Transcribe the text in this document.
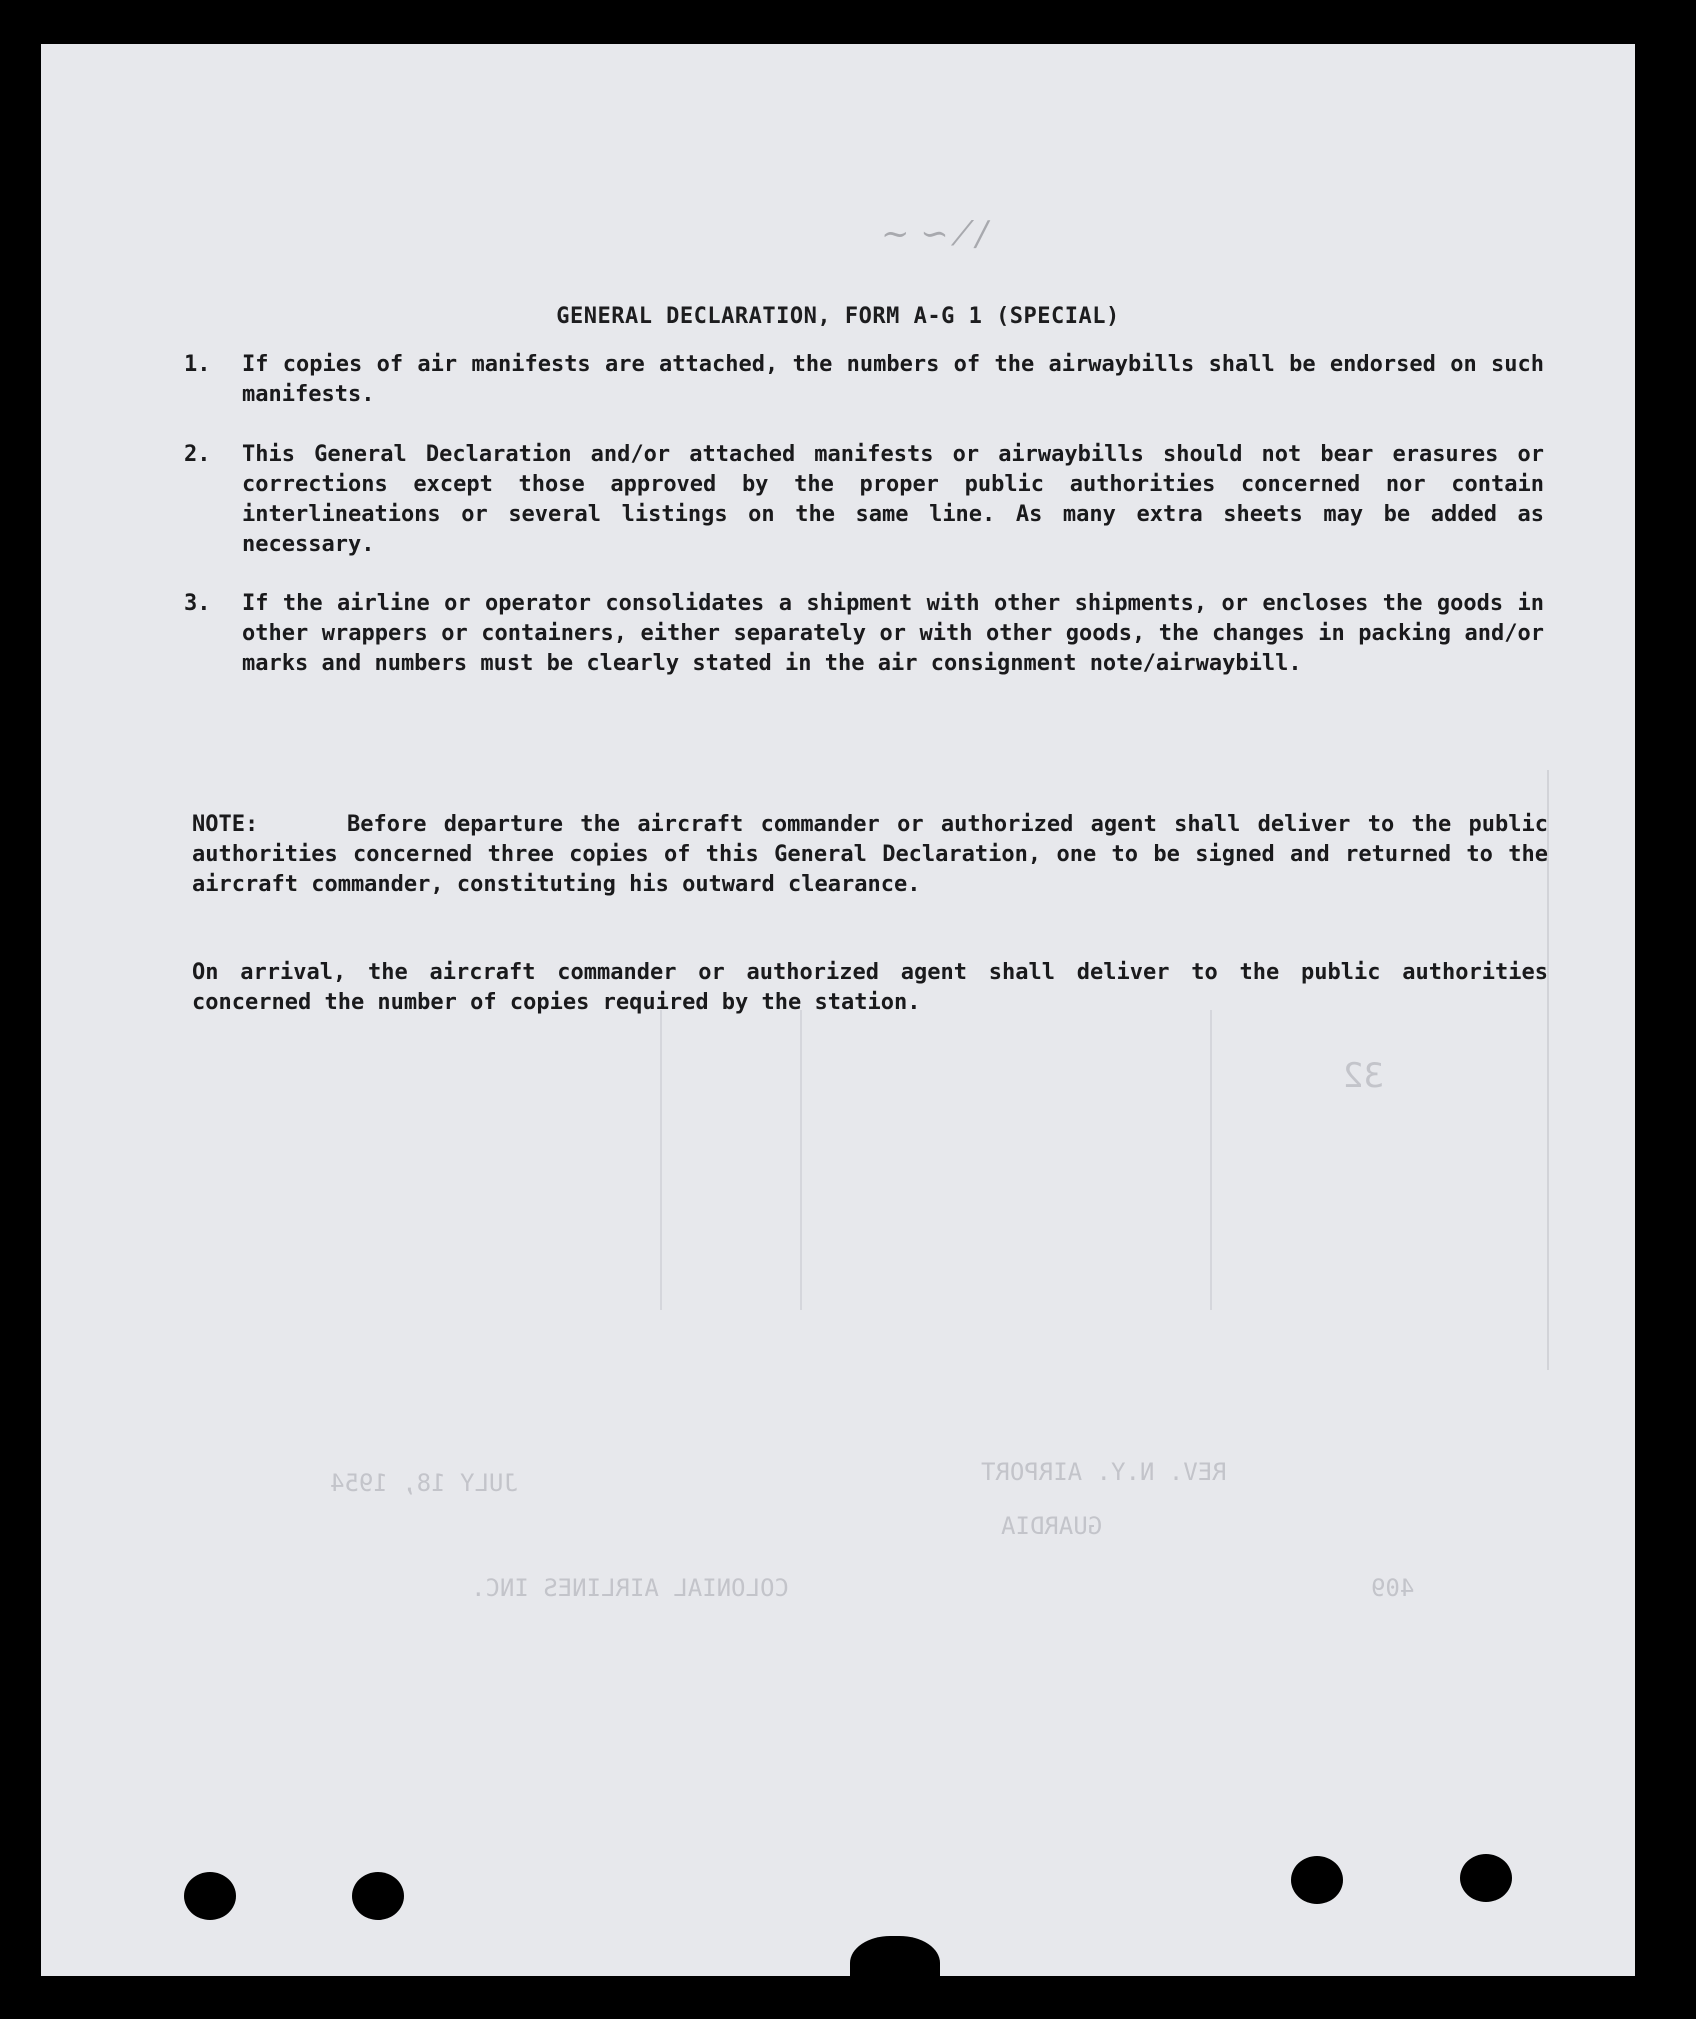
~ ∽ ⁄ ∕
GENERAL DECLARATION, FORM A-G 1 (SPECIAL)
1. If copies of air manifests are attached, the numbers of the airwaybills shall be endorsed on such manifests.
2. This General Declaration and/or attached manifests or airwaybills should not bear erasures or corrections except those approved by the proper public authorities concerned nor contain interlineations or several listings on the same line. As many extra sheets may be added as necessary.
3. If the airline or operator consolidates a shipment with other shipments, or encloses the goods in other wrappers or containers, either separately or with other goods, the changes in packing and/or marks and numbers must be clearly stated in the air consignment note/airwaybill.
NOTE:	Before departure the aircraft commander or authorized agent shall deliver to the public authorities concerned three copies of this General Declaration, one to be signed and returned to the aircraft commander, constituting his outward clearance.
On arrival, the aircraft commander or authorized agent shall deliver to the public authorities concerned the number of copies required by the station.
JULY 18, 1954	REV. N.Y. AIRPORT
GUARDIA
COLONIAL AIRLINES INC.	409
32
